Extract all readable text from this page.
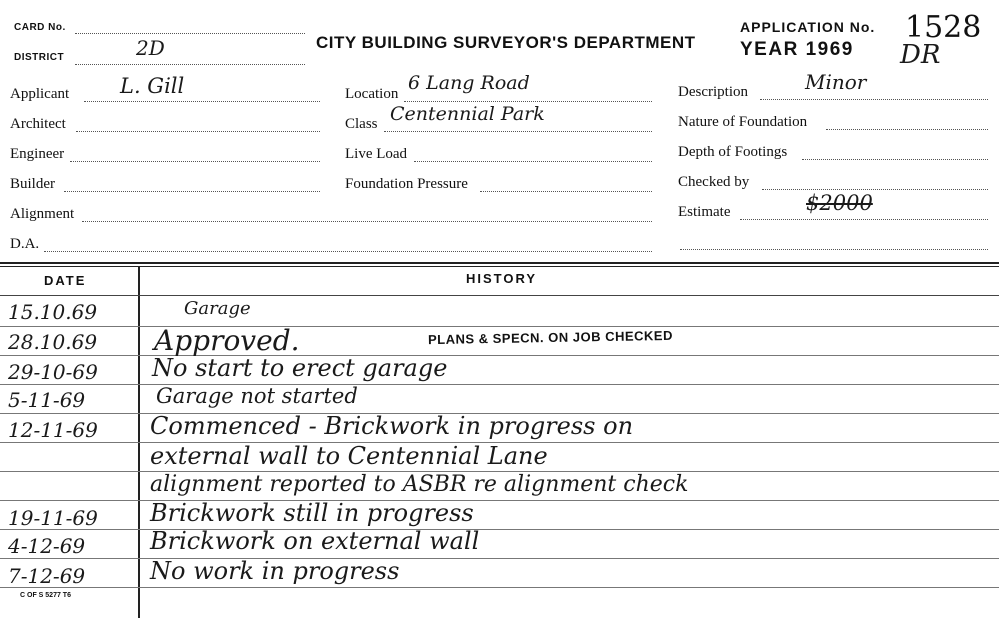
CARD No.
DISTRICT	2D	CITY BUILDING SURVEYOR'S DEPARTMENT
APPLICATION No.
YEAR 1969
1528
DR
Applicant L. Gill
Architect
Engineer
Builder
Alignment
D.A.
Location 6 Lang Road
Class Centennial Park
Live Load
Foundation Pressure
Description	Minor
Nature of Foundation
Depth of Footings
Checked by
Estimate	$2000
DATE	HISTORY
15.10.69	Garage
28.10.69 Approved.	PLANS & SPECN. ON JOB CHECKED
29-10-69 No start to erect garage
5-11-69	Garage not started
12-11-69 Commenced - Brickwork in progress on
external wall to Centennial Lane
alignment reported to ASBR re alignment check
19-11-69 Brickwork still in progress
4-12-69	Brickwork on external wall
7-12-69	No work in progress
C OF S 5277 T6
